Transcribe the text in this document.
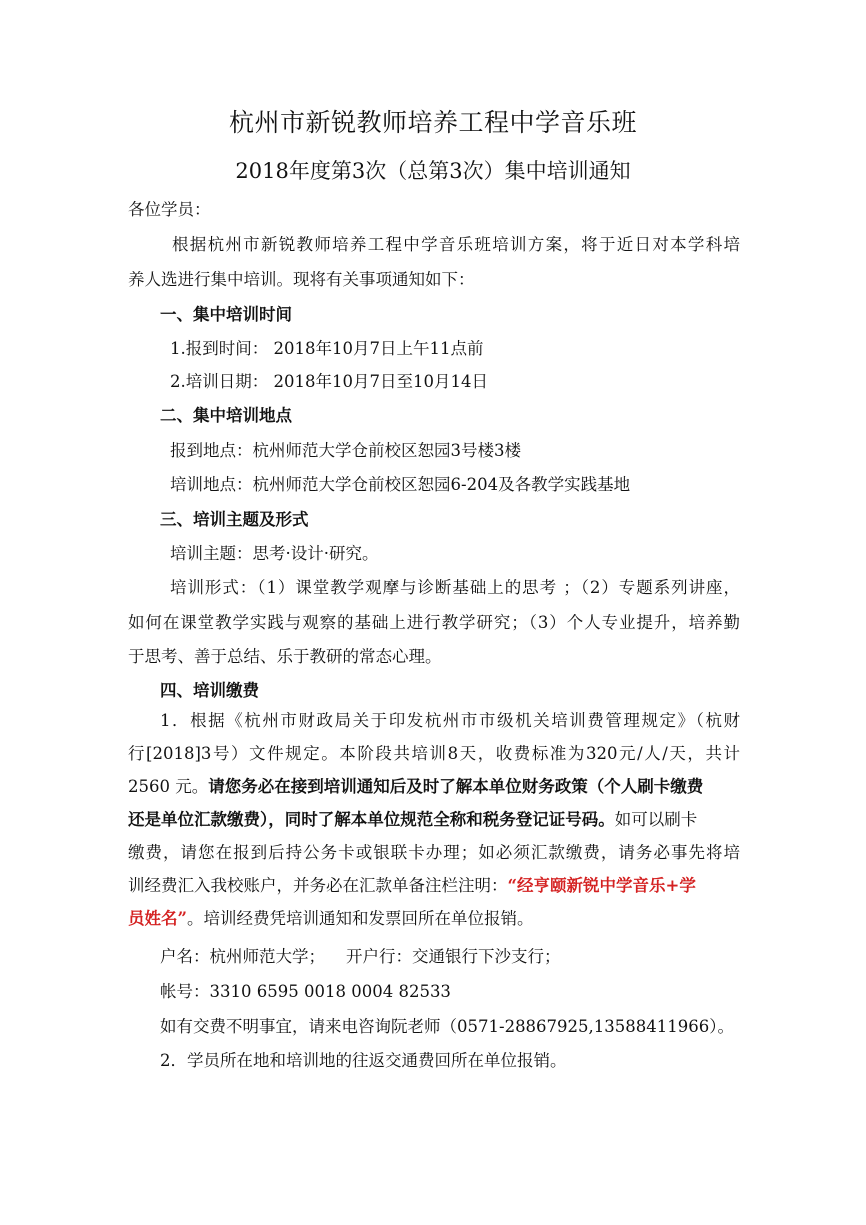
杭州市新锐教师培养工程中学音乐班
2018年度第3次（总第3次）集中培训通知
各位学员：
根据杭州市新锐教师培养工程中学音乐班培训方案，将于近日对本学科培
养人选进行集中培训。现将有关事项通知如下：
一、集中培训时间
1.报到时间： 2018年10月7日上午11点前
2.培训日期： 2018年10月7日至10月14日
二、集中培训地点
报到地点：杭州师范大学仓前校区恕园3号楼3楼
培训地点：杭州师范大学仓前校区恕园6-204及各教学实践基地
三、培训主题及形式
培训主题：思考·设计·研究。
培训形式：（1）课堂教学观摩与诊断基础上的思考 ；（2）专题系列讲座，
如何在课堂教学实践与观察的基础上进行教学研究；（3）个人专业提升，培养勤
于思考、善于总结、乐于教研的常态心理。
四、培训缴费
1．根据《杭州市财政局关于印发杭州市市级机关培训费管理规定》（杭财
行[2018]3号）文件规定。本阶段共培训8天，收费标准为320元/人/天，共计
2560 元。请您务必在接到培训通知后及时了解本单位财务政策（个人刷卡缴费
还是单位汇款缴费），同时了解本单位规范全称和税务登记证号码。如可以刷卡
缴费，请您在报到后持公务卡或银联卡办理；如必须汇款缴费，请务必事先将培
训经费汇入我校账户，并务必在汇款单备注栏注明：“经亨颐新锐中学音乐+学
员姓名”。培训经费凭培训通知和发票回所在单位报销。
户名：杭州师范大学；    开户行：交通银行下沙支行；
帐号：3310 6595 0018 0004 82533
如有交费不明事宜，请来电咨询阮老师（0571-28867925,13588411966）。
2．学员所在地和培训地的往返交通费回所在单位报销。
